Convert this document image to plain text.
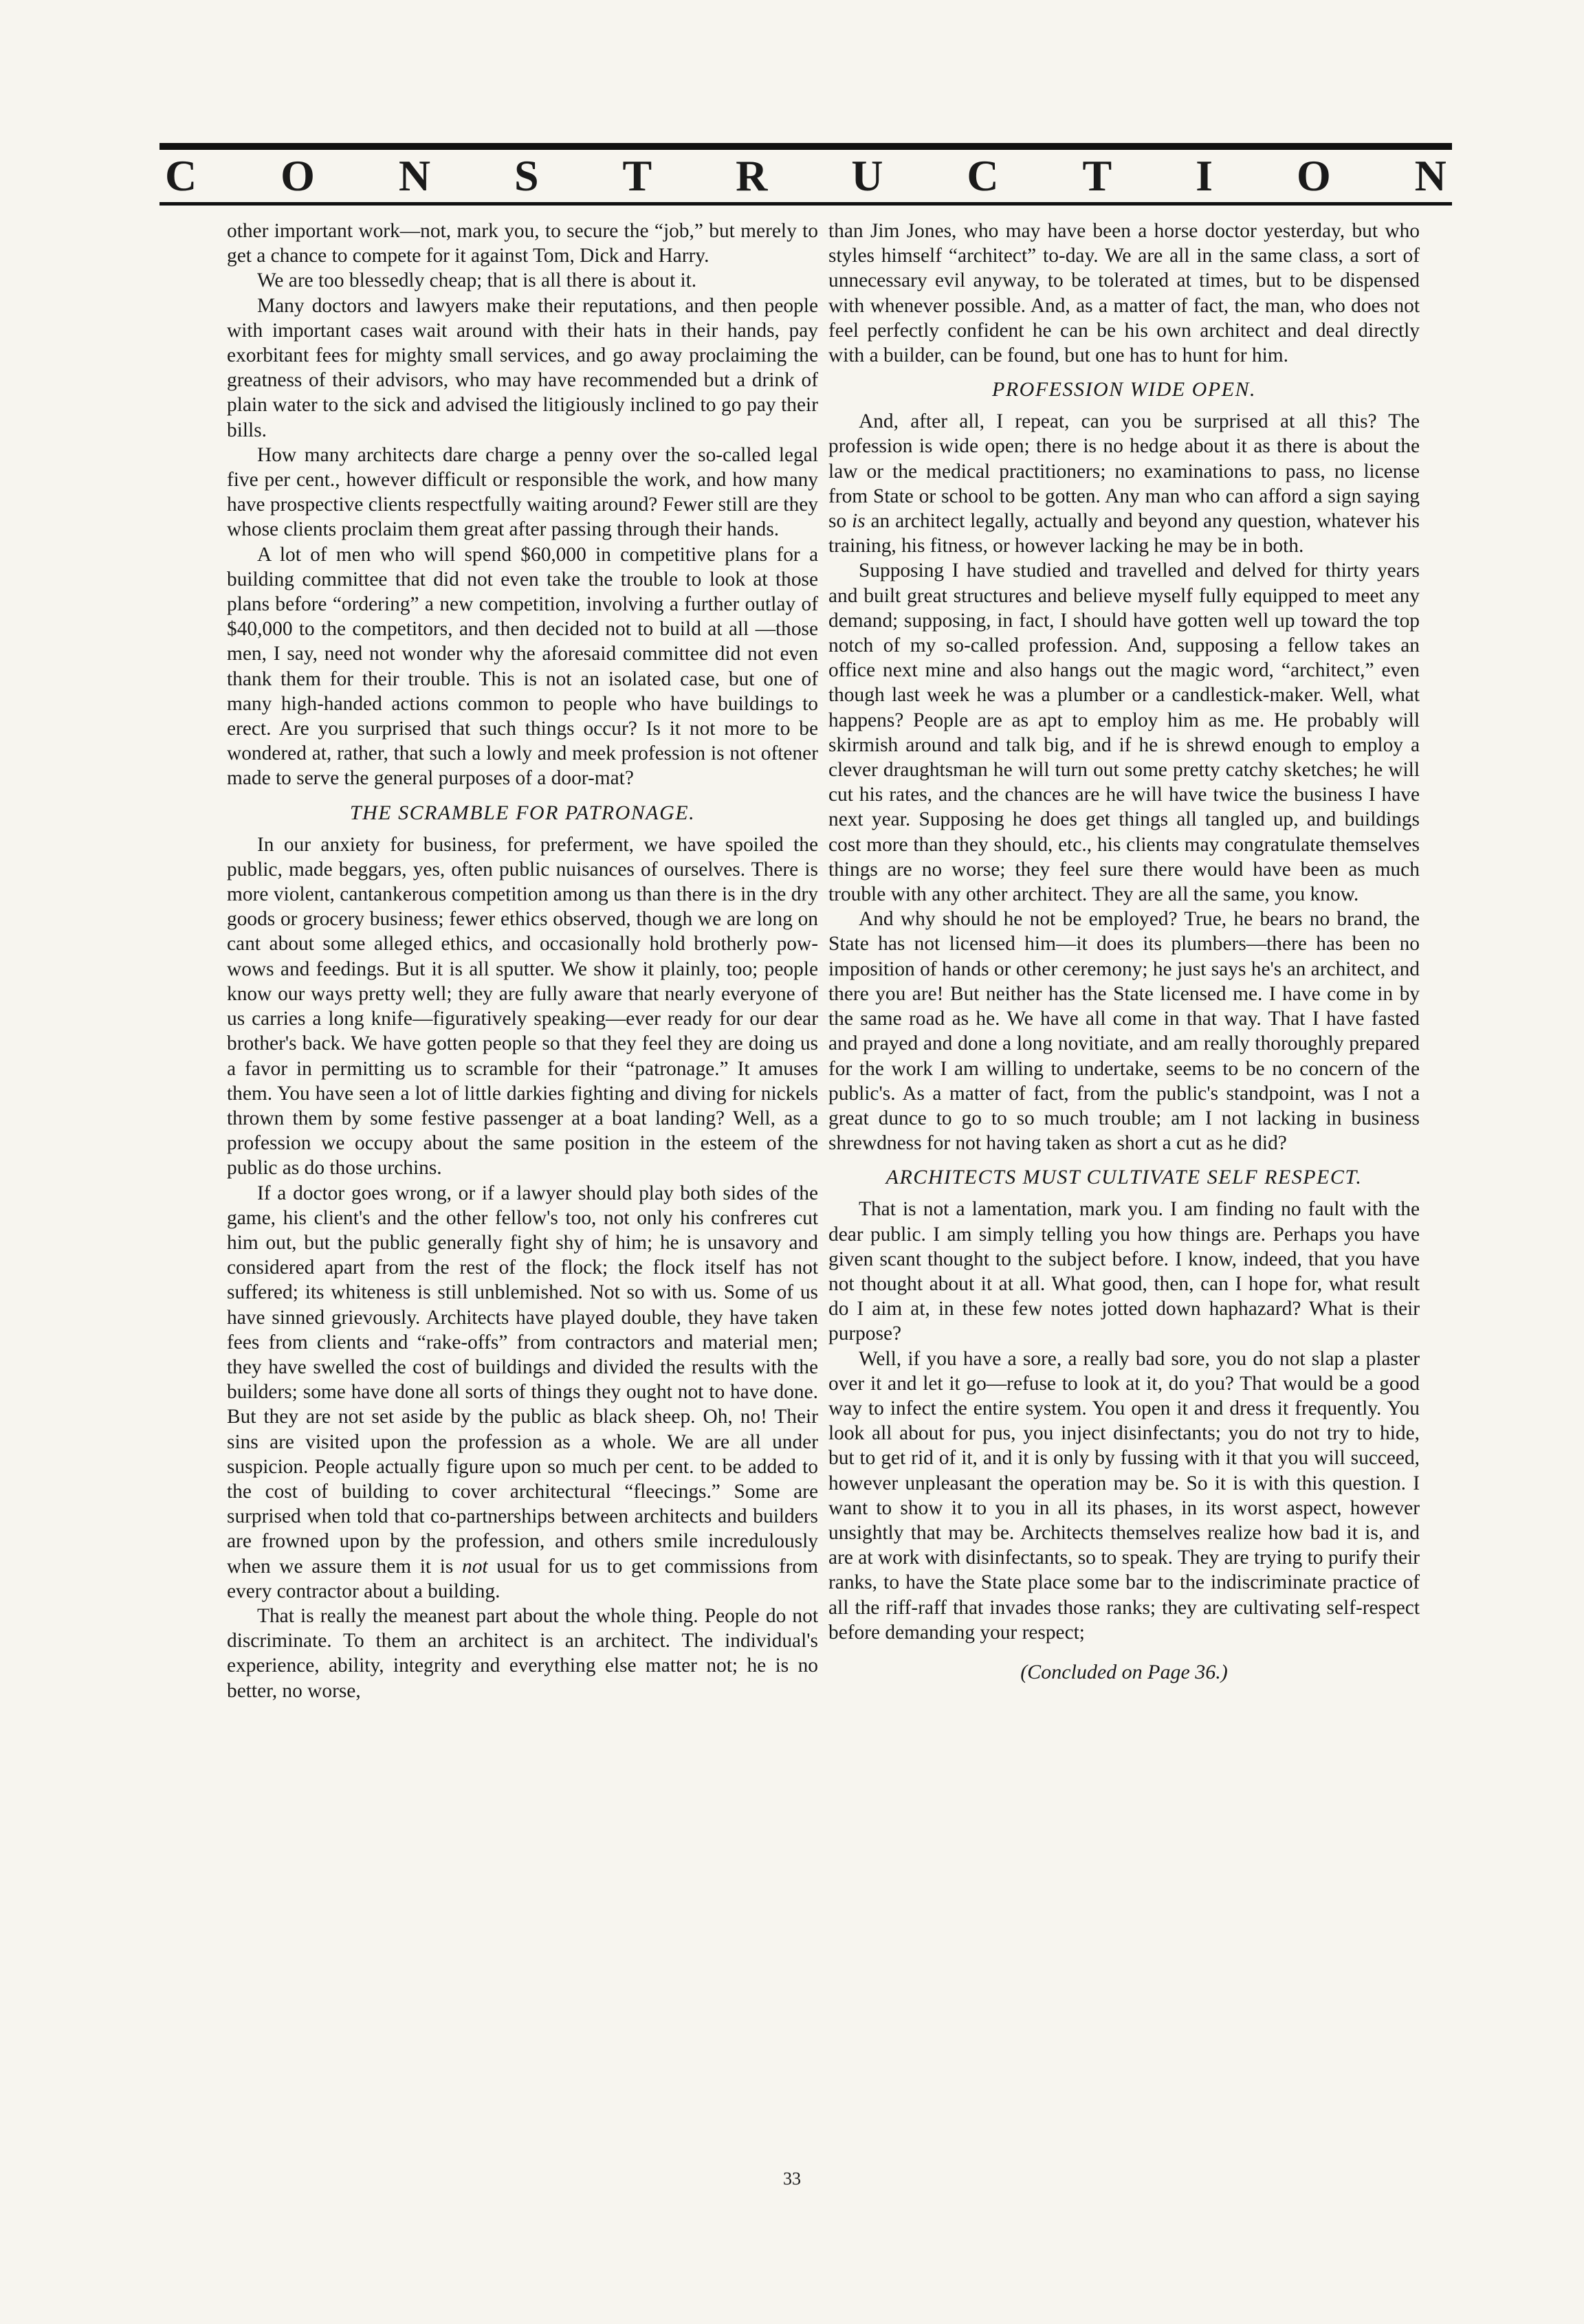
C O N S T R U C T I O N

other important work—not, mark you, to secure the “job,” but merely to get a chance to compete for it against Tom, Dick and Harry.

We are too blessedly cheap; that is all there is about it.

Many doctors and lawyers make their reputations, and then people with important cases wait around with their hats in their hands, pay exorbitant fees for mighty small services, and go away proclaiming the greatness of their advisors, who may have recommended but a drink of plain water to the sick and advised the litigiously inclined to go pay their bills.

How many architects dare charge a penny over the so-called legal five per cent., however difficult or responsible the work, and how many have prospective clients respectfully waiting around? Fewer still are they whose clients proclaim them great after passing through their hands.

A lot of men who will spend $60,000 in competitive plans for a building committee that did not even take the trouble to look at those plans before “ordering” a new competition, involving a further outlay of $40,000 to the competitors, and then decided not to build at all —those men, I say, need not wonder why the aforesaid committee did not even thank them for their trouble. This is not an isolated case, but one of many high-handed actions common to people who have buildings to erect. Are you surprised that such things occur? Is it not more to be wondered at, rather, that such a lowly and meek profession is not oftener made to serve the general purposes of a door-mat?

THE SCRAMBLE FOR PATRONAGE.

In our anxiety for business, for preferment, we have spoiled the public, made beggars, yes, often public nuisances of ourselves. There is more violent, cantankerous competition among us than there is in the dry goods or grocery business; fewer ethics observed, though we are long on cant about some alleged ethics, and occasionally hold brotherly pow-wows and feedings. But it is all sputter. We show it plainly, too; people know our ways pretty well; they are fully aware that nearly everyone of us carries a long knife—figuratively speaking—ever ready for our dear brother's back. We have gotten people so that they feel they are doing us a favor in permitting us to scramble for their “patronage.” It amuses them. You have seen a lot of little darkies fighting and diving for nickels thrown them by some festive passenger at a boat landing? Well, as a profession we occupy about the same position in the esteem of the public as do those urchins.

If a doctor goes wrong, or if a lawyer should play both sides of the game, his client's and the other fellow's too, not only his confreres cut him out, but the public generally fight shy of him; he is unsavory and considered apart from the rest of the flock; the flock itself has not suffered; its whiteness is still unblemished. Not so with us. Some of us have sinned grievously. Architects have played double, they have taken fees from clients and “rake-offs” from contractors and material men; they have swelled the cost of buildings and divided the results with the builders; some have done all sorts of things they ought not to have done. But they are not set aside by the public as black sheep. Oh, no! Their sins are visited upon the profession as a whole. We are all under suspicion. People actually figure upon so much per cent. to be added to the cost of building to cover architectural “fleecings.” Some are surprised when told that co-partnerships between architects and builders are frowned upon by the profession, and others smile incredulously when we assure them it is not usual for us to get commissions from every contractor about a building.

That is really the meanest part about the whole thing. People do not discriminate. To them an architect is an architect. The individual's experience, ability, integrity and everything else matter not; he is no better, no worse,

than Jim Jones, who may have been a horse doctor yesterday, but who styles himself “architect” to-day. We are all in the same class, a sort of unnecessary evil anyway, to be tolerated at times, but to be dispensed with whenever possible. And, as a matter of fact, the man, who does not feel perfectly confident he can be his own architect and deal directly with a builder, can be found, but one has to hunt for him.

PROFESSION WIDE OPEN.

And, after all, I repeat, can you be surprised at all this? The profession is wide open; there is no hedge about it as there is about the law or the medical practitioners; no examinations to pass, no license from State or school to be gotten. Any man who can afford a sign saying so is an architect legally, actually and beyond any question, whatever his training, his fitness, or however lacking he may be in both.

Supposing I have studied and travelled and delved for thirty years and built great structures and believe myself fully equipped to meet any demand; supposing, in fact, I should have gotten well up toward the top notch of my so-called profession. And, supposing a fellow takes an office next mine and also hangs out the magic word, “architect,” even though last week he was a plumber or a candlestick-maker. Well, what happens? People are as apt to employ him as me. He probably will skirmish around and talk big, and if he is shrewd enough to employ a clever draughtsman he will turn out some pretty catchy sketches; he will cut his rates, and the chances are he will have twice the business I have next year. Supposing he does get things all tangled up, and buildings cost more than they should, etc., his clients may congratulate themselves things are no worse; they feel sure there would have been as much trouble with any other architect. They are all the same, you know.

And why should he not be employed? True, he bears no brand, the State has not licensed him—it does its plumbers—there has been no imposition of hands or other ceremony; he just says he's an architect, and there you are! But neither has the State licensed me. I have come in by the same road as he. We have all come in that way. That I have fasted and prayed and done a long novitiate, and am really thoroughly prepared for the work I am willing to undertake, seems to be no concern of the public's. As a matter of fact, from the public's standpoint, was I not a great dunce to go to so much trouble; am I not lacking in business shrewdness for not having taken as short a cut as he did?

ARCHITECTS MUST CULTIVATE SELF RESPECT.

That is not a lamentation, mark you. I am finding no fault with the dear public. I am simply telling you how things are. Perhaps you have given scant thought to the subject before. I know, indeed, that you have not thought about it at all. What good, then, can I hope for, what result do I aim at, in these few notes jotted down haphazard? What is their purpose?

Well, if you have a sore, a really bad sore, you do not slap a plaster over it and let it go—refuse to look at it, do you? That would be a good way to infect the entire system. You open it and dress it frequently. You look all about for pus, you inject disinfectants; you do not try to hide, but to get rid of it, and it is only by fussing with it that you will succeed, however unpleasant the operation may be. So it is with this question. I want to show it to you in all its phases, in its worst aspect, however unsightly that may be. Architects themselves realize how bad it is, and are at work with disinfectants, so to speak. They are trying to purify their ranks, to have the State place some bar to the indiscriminate practice of all the riff-raff that invades those ranks; they are cultivating self-respect before demanding your respect;

(Concluded on Page 36.)
33
